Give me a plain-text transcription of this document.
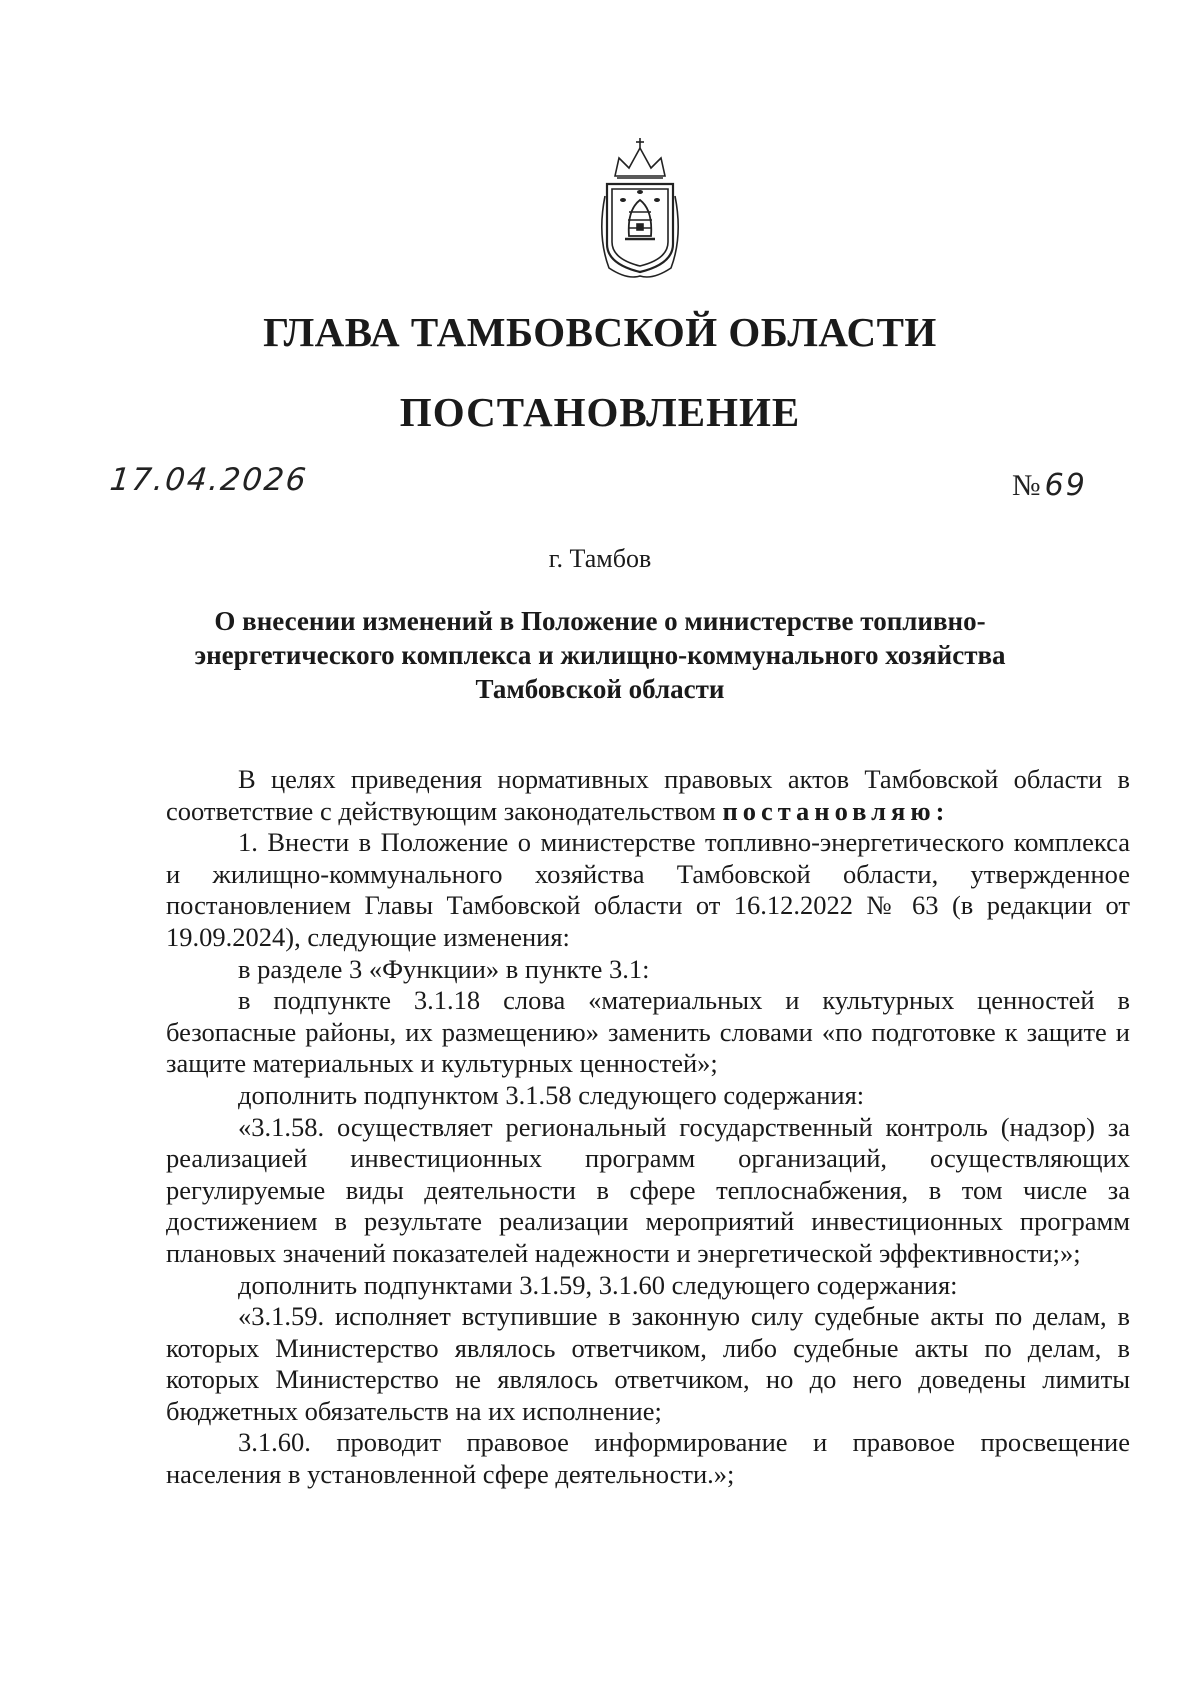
ГЛАВА ТАМБОВСКОЙ ОБЛАСТИ
ПОСТАНОВЛЕНИЕ
17.04.2026	№ 69
г. Тамбов
О внесении изменений в Положение о министерстве топливно-энергетического комплекса и жилищно-коммунального хозяйства Тамбовской области

В целях приведения нормативных правовых актов Тамбовской области в соответствие с действующим законодательством постановляю:

1. Внести в Положение о министерстве топливно-энергетического комплекса и жилищно-коммунального хозяйства Тамбовской области, утвержденное постановлением Главы Тамбовской области от 16.12.2022 № 63 (в редакции от 19.09.2024), следующие изменения:

в разделе 3 «Функции» в пункте 3.1:

в подпункте 3.1.18 слова «материальных и культурных ценностей в безопасные районы, их размещению» заменить словами «по подготовке к защите и защите материальных и культурных ценностей»;

дополнить подпунктом 3.1.58 следующего содержания:

«3.1.58. осуществляет региональный государственный контроль (надзор) за реализацией инвестиционных программ организаций, осуществляющих регулируемые виды деятельности в сфере теплоснабжения, в том числе за достижением в результате реализации мероприятий инвестиционных программ плановых значений показателей надежности и энергетической эффективности;»;

дополнить подпунктами 3.1.59, 3.1.60 следующего содержания:

«3.1.59. исполняет вступившие в законную силу судебные акты по делам, в которых Министерство являлось ответчиком, либо судебные акты по делам, в которых Министерство не являлось ответчиком, но до него доведены лимиты бюджетных обязательств на их исполнение;

3.1.60. проводит правовое информирование и правовое просвещение населения в установленной сфере деятельности.»;
